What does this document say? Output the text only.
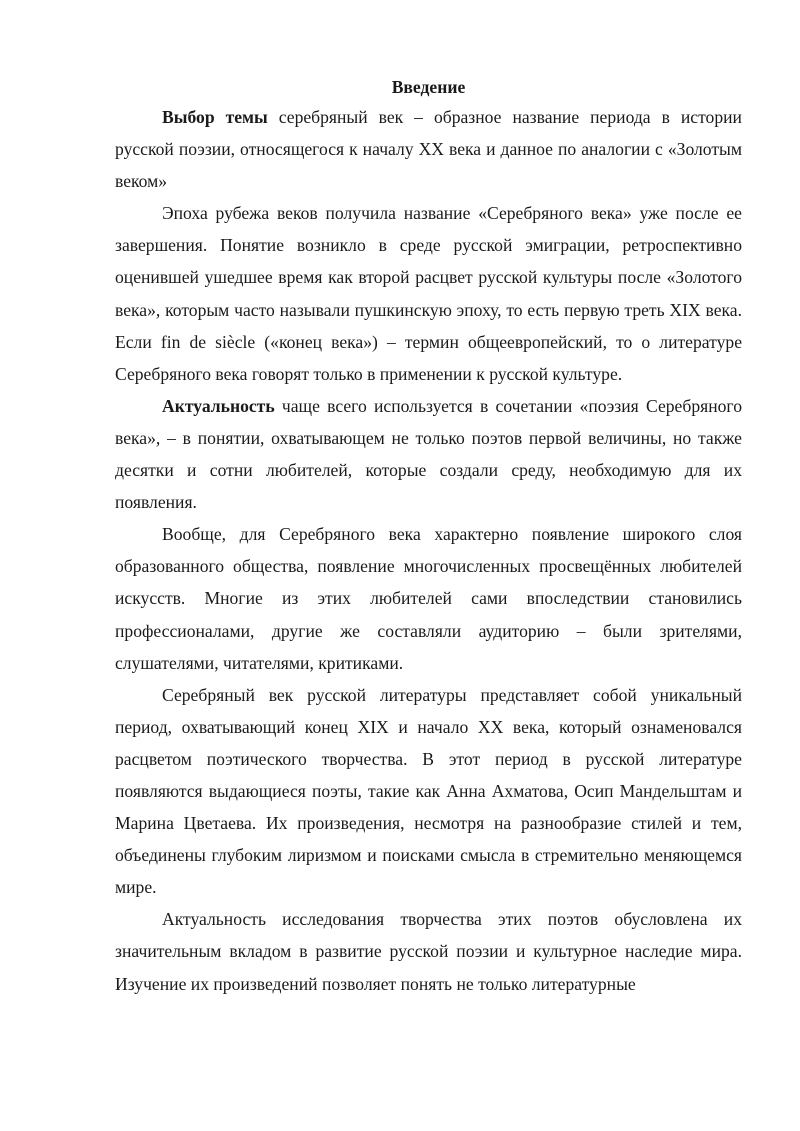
Введение

Выбор темы серебряный век – образное название периода в истории русской поэзии, относящегося к началу XX века и данное по аналогии с «Золотым веком»

Эпоха рубежа веков получила название «Серебряного века» уже после ее завершения. Понятие возникло в среде русской эмиграции, ретроспективно оценившей ушедшее время как второй расцвет русской культуры после «Золотого века», которым часто называли пушкинскую эпоху, то есть первую треть XIX века. Если fin de siècle («конец века») – термин общеевропейский, то о литературе Серебряного века говорят только в применении к русской культуре.

Актуальность чаще всего используется в сочетании «поэзия Серебряного века», – в понятии, охватывающем не только поэтов первой величины, но также десятки и сотни любителей, которые создали среду, необходимую для их появления.

Вообще, для Серебряного века характерно появление широкого слоя образованного общества, появление многочисленных просвещённых любителей искусств. Многие из этих любителей сами впоследствии становились профессионалами, другие же составляли аудиторию – были зрителями, слушателями, читателями, критиками.

Серебряный век русской литературы представляет собой уникальный период, охватывающий конец XIX и начало XX века, который ознаменовался расцветом поэтического творчества. В этот период в русской литературе появляются выдающиеся поэты, такие как Анна Ахматова, Осип Мандельштам и Марина Цветаева. Их произведения, несмотря на разнообразие стилей и тем, объединены глубоким лиризмом и поисками смысла в стремительно меняющемся мире.

Актуальность исследования творчества этих поэтов обусловлена их значительным вкладом в развитие русской поэзии и культурное наследие мира. Изучение их произведений позволяет понять не только литературные
